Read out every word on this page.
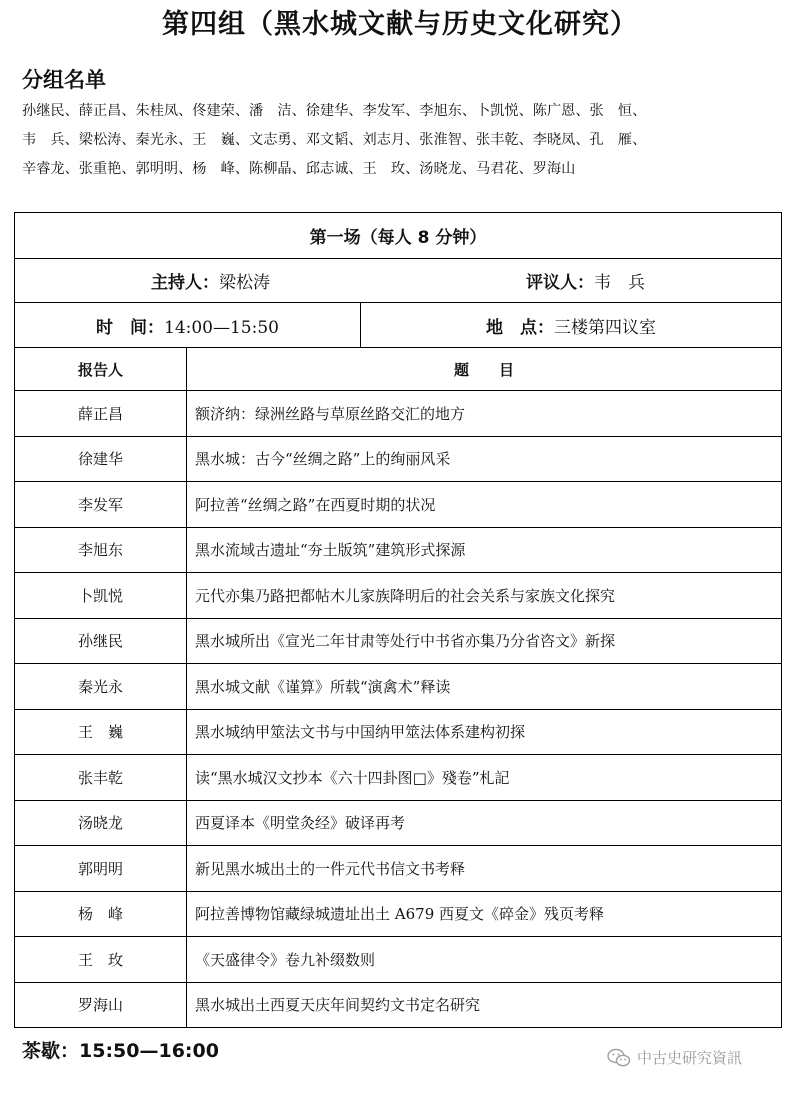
第四组（黑水城文献与历史文化研究）
分组名单
孙继民、薛正昌、朱桂凤、佟建荣、潘　洁、徐建华、李发军、李旭东、卜凯悦、陈广恩、张　恒、
韦　兵、梁松涛、秦光永、王　巍、文志勇、邓文韬、刘志月、张淮智、张丰乾、李晓凤、孔　雁、
辛睿龙、张重艳、郭明明、杨　峰、陈柳晶、邱志诚、王　玫、汤晓龙、马君花、罗海山
第一场（每人 8 分钟）		

主持人：梁松涛 评议人：韦　兵		

时　间：14:00—15:50		地　点：三楼第四议室
报告人	题　　目	
薛正昌	额济纳：绿洲丝路与草原丝路交汇的地方	
徐建华	黑水城：古今“丝绸之路”上的绚丽风采	
李发军	阿拉善“丝绸之路”在西夏时期的状况	
李旭东	黑水流域古遗址“夯土版筑”建筑形式探源	
卜凯悦	元代亦集乃路把都帖木儿家族降明后的社会关系与家族文化探究	
孙继民	黑水城所出《宣光二年甘肃等处行中书省亦集乃分省咨文》新探	
秦光永	黑水城文献《谨算》所载“演禽术”释读	
王　巍	黑水城纳甲筮法文书与中国纳甲筮法体系建构初探	
张丰乾	读“黑水城汉文抄本《六十四卦图□》殘卷”札記	
汤晓龙	西夏译本《明堂灸经》破译再考	
郭明明	新见黑水城出土的一件元代书信文书考释	
杨　峰	阿拉善博物馆藏绿城遗址出土 A679 西夏文《碎金》残页考释	
王　玫	《天盛律令》卷九补缀数则	
罗海山	黑水城出土西夏天庆年间契约文书定名研究	
茶歇：15:50—16:00	中古史研究資訊
